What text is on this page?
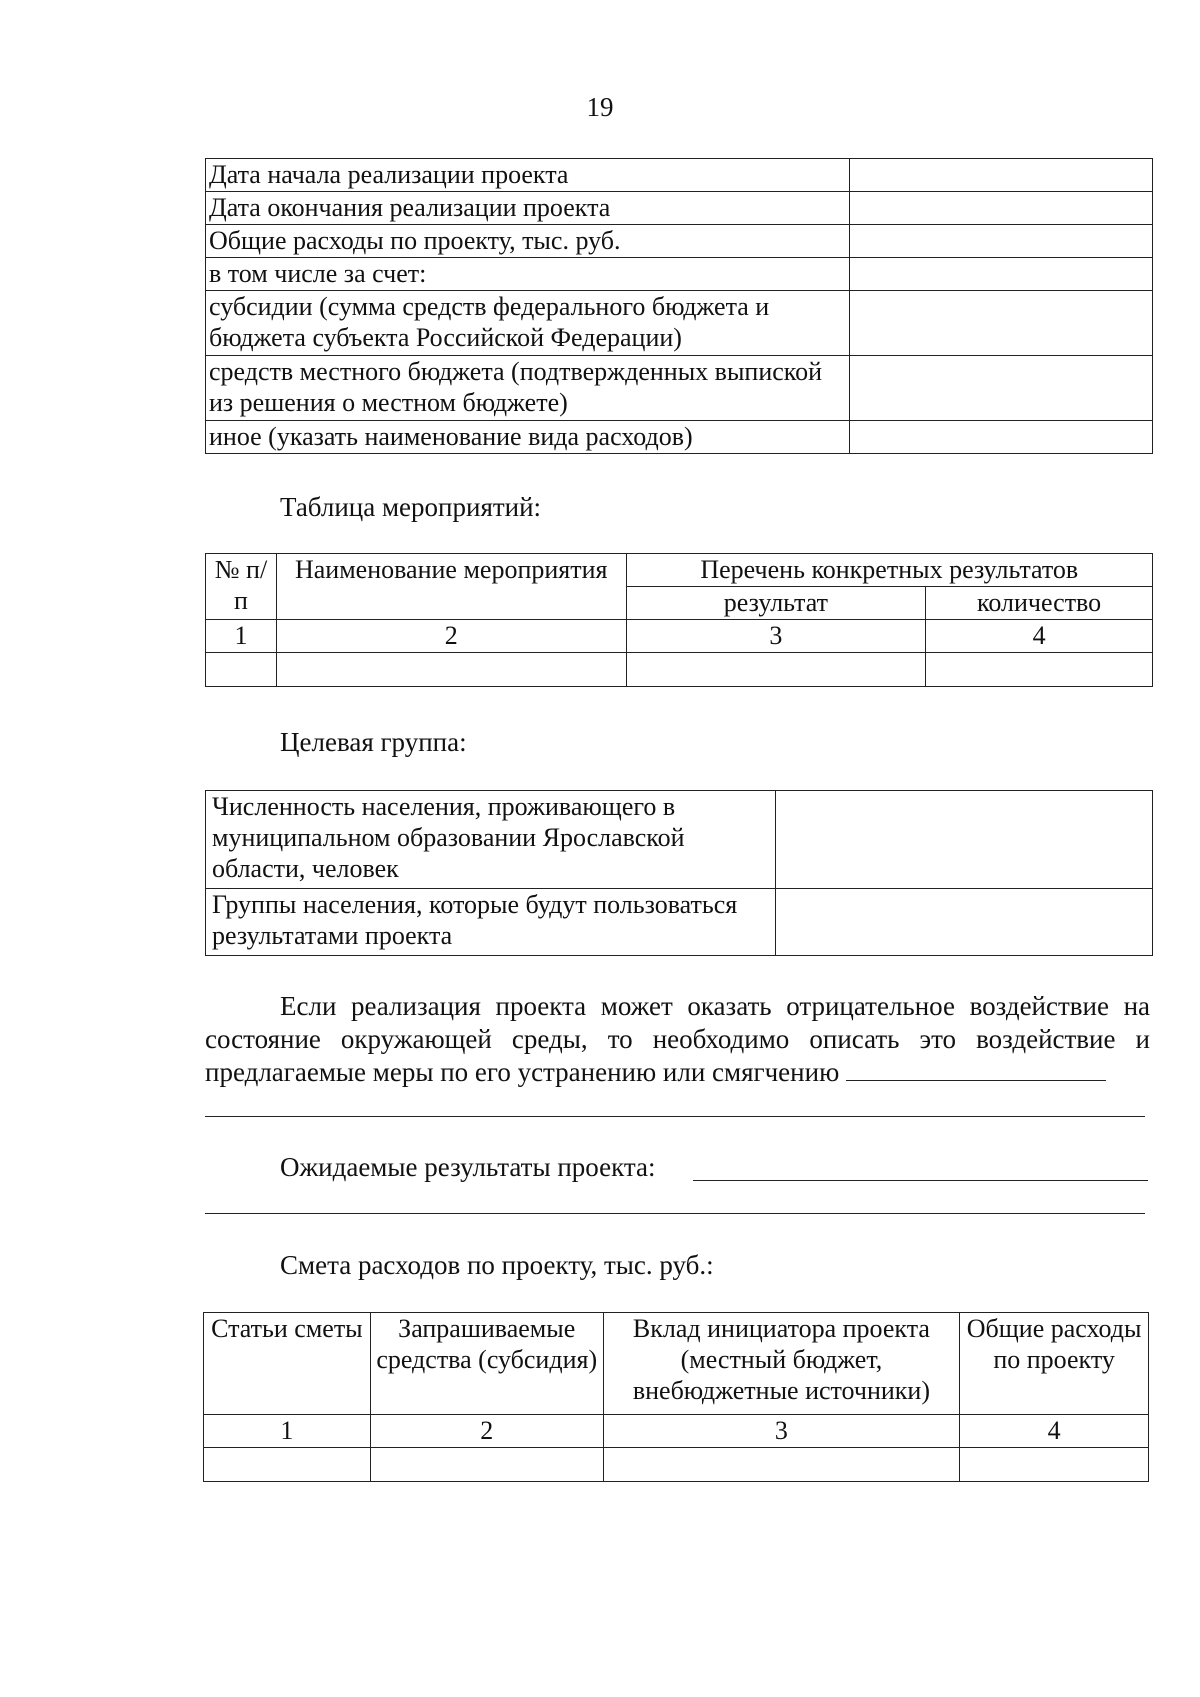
19
Дата начала реализации проекта	
Дата окончания реализации проекта	
Общие расходы по проекту, тыс. руб.	
в том числе за счет:	
субсидии (сумма средств федерального бюджета и бюджета субъекта Российской Федерации)	
средств местного бюджета (подтвержденных выпиской из решения о местном бюджете)	
иное (указать наименование вида расходов)	
Таблица мероприятий:
№ п/п	Наименование мероприятия	Перечень конкретных результатов	
		результат	количество
1	2	3	4

Целевая группа:
Численность населения, проживающего в муниципальном образовании Ярославской области, человек	
Группы населения, которые будут пользоваться результатами проекта	
Если реализация проекта может оказать отрицательное воздействие на состояние окружающей среды, то необходимо описать это воздействие и предлагаемые меры по его устранению или смягчению
Ожидаемые результаты проекта:
Смета расходов по проекту, тыс. руб.:
Статьи сметы	Запрашиваемые средства (субсидия)	Вклад инициатора проекта (местный бюджет, внебюджетные источники)	Общие расходы по проекту
1	2	3	4
